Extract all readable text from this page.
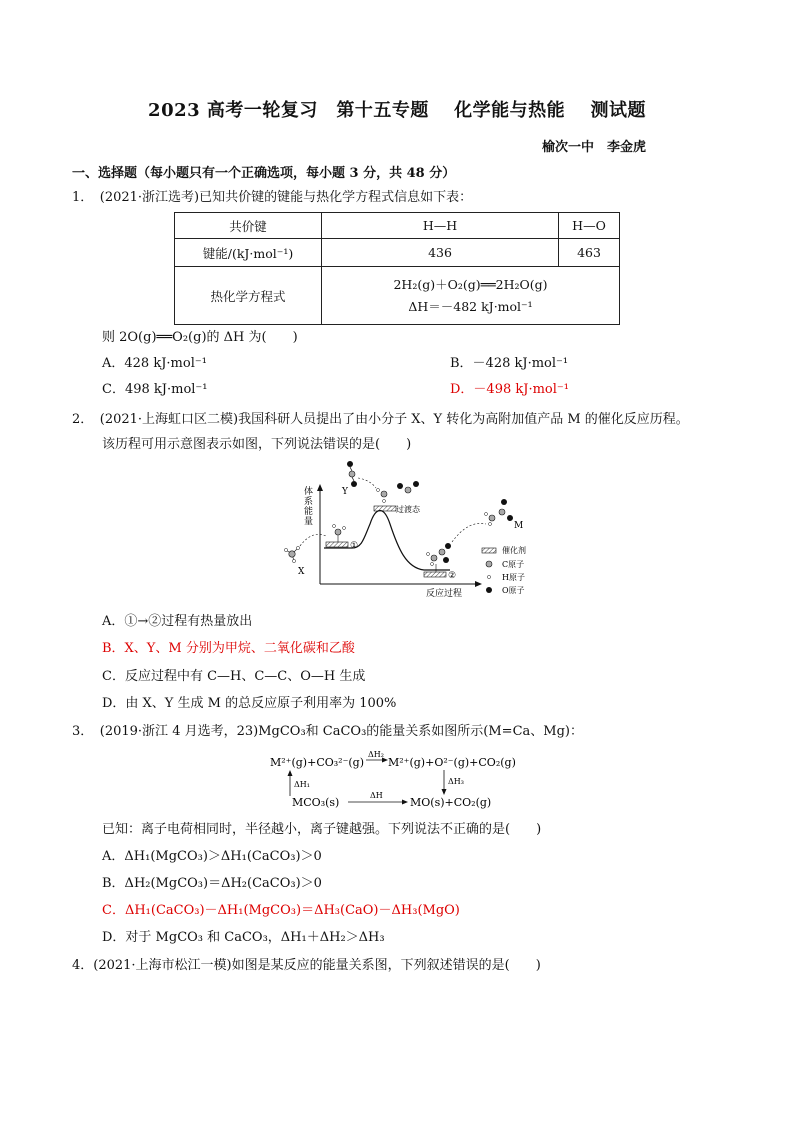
2023 高考一轮复习　第十五专题　 化学能与热能　 测试题
榆次一中　李金虎
一、选择题（每小题只有一个正确选项，每小题 3 分，共 48 分）
1．　(2021·浙江选考)已知共价键的键能与热化学方程式信息如下表：
共价键	H—H	H—O
键能/(kJ·mol⁻¹)	436	463
热化学方程式	2H₂(g)＋O₂(g)══2H₂O(g)
ΔH＝－482 kJ·mol⁻¹	
则 2O(g)══O₂(g)的 ΔH 为(　　)
A．428 kJ·mol⁻¹	B．－428 kJ·mol⁻¹
C．498 kJ·mol⁻¹	D．－498 kJ·mol⁻¹
2．　(2021·上海虹口区二模)我国科研人员提出了由小分子 X、Y 转化为高附加值产品 M 的催化反应历程。
该历程可用示意图表示如图，下列说法错误的是(　　)
体
系
能
量
反应过程
①
②
过渡态
X
Y
M
催化剂
C原子
H原子
O原子
A．①→②过程有热量放出
B．X、Y、M 分别为甲烷、二氧化碳和乙酸
C．反应过程中有 C—H、C—C、O—H 生成
D．由 X、Y 生成 M 的总反应原子利用率为 100%
3．　(2019·浙江 4 月选考，23)MgCO₃和 CaCO₃的能量关系如图所示(M=Ca、Mg)：
M²⁺(g)+CO₃²⁻(g) M²⁺(g)+O²⁻(g)+CO₂(g)
ΔH₂
ΔH₁	ΔH₃
MCO₃(s)
ΔH
MO(s)+CO₂(g)
已知：离子电荷相同时，半径越小，离子键越强。下列说法不正确的是(　　)
A．ΔH₁(MgCO₃)＞ΔH₁(CaCO₃)＞0
B．ΔH₂(MgCO₃)＝ΔH₂(CaCO₃)＞0
C．ΔH₁(CaCO₃)－ΔH₁(MgCO₃)＝ΔH₃(CaO)－ΔH₃(MgO)
D．对于 MgCO₃ 和 CaCO₃，ΔH₁＋ΔH₂＞ΔH₃
4．(2021·上海市松江一模)如图是某反应的能量关系图，下列叙述错误的是(　　)
